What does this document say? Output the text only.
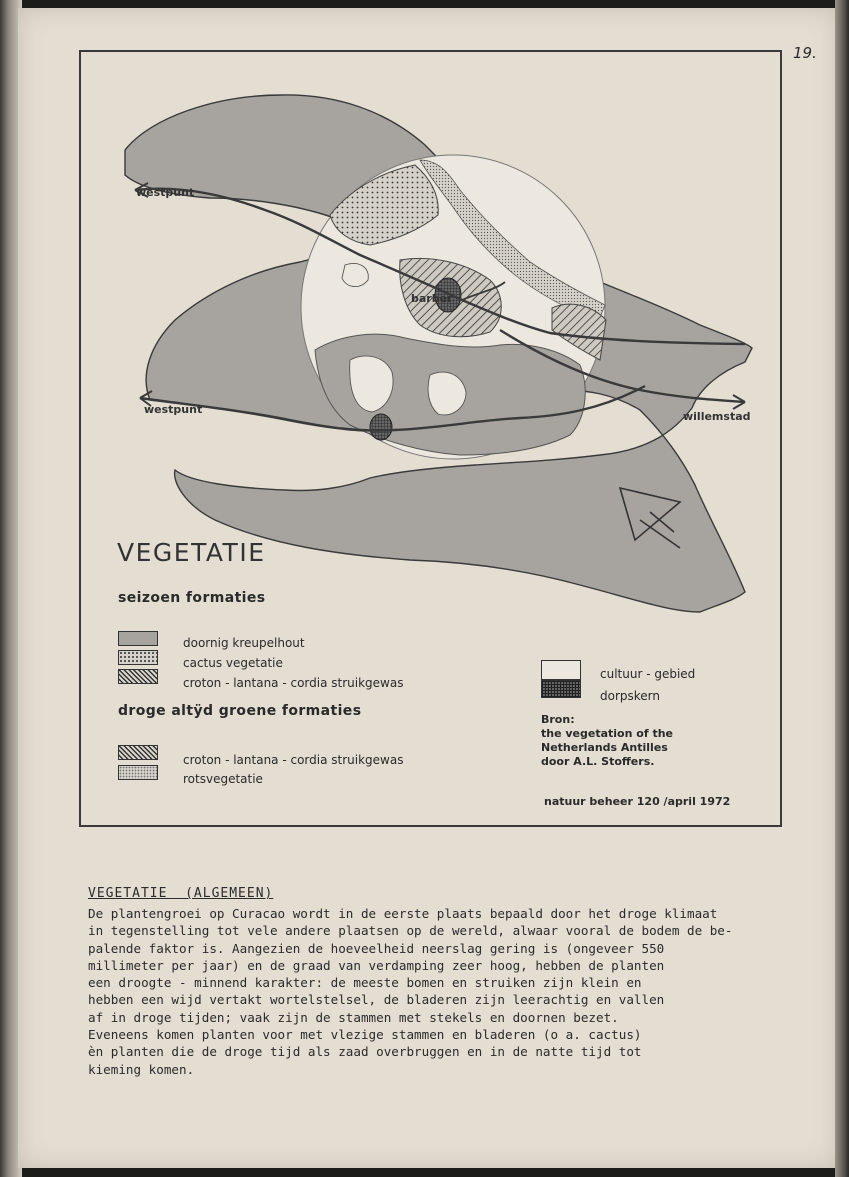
19.
westpunt
westpunt
barber
willemstad
VEGETATIE
seizoen formaties
doornig kreupelhout
cactus vegetatie
croton - lantana - cordia struikgewas
droge altÿd groene formaties
croton - lantana - cordia struikgewas
rotsvegetatie
cultuur - gebied
dorpskern
Bron:
the vegetation of the
Netherlands Antilles
door A.L. Stoffers.
natuur beheer 120 /april 1972
VEGETATIE  (ALGEMEEN)
De plantengroei op Curacao wordt in de eerste plaats bepaald door het droge klimaat
in tegenstelling tot vele andere plaatsen op de wereld, alwaar vooral de bodem de be-
palende faktor is. Aangezien de hoeveelheid neerslag gering is (ongeveer 550
millimeter per jaar) en de graad van verdamping zeer hoog, hebben de planten
een droogte - minnend karakter: de meeste bomen en struiken zijn klein en
hebben een wijd vertakt wortelstelsel, de bladeren zijn leerachtig en vallen
af in droge tijden; vaak zijn de stammen met stekels en doornen bezet.
Eveneens komen planten voor met vlezige stammen en bladeren (o a. cactus)
èn planten die de droge tijd als zaad overbruggen en in de natte tijd tot
kieming komen.
